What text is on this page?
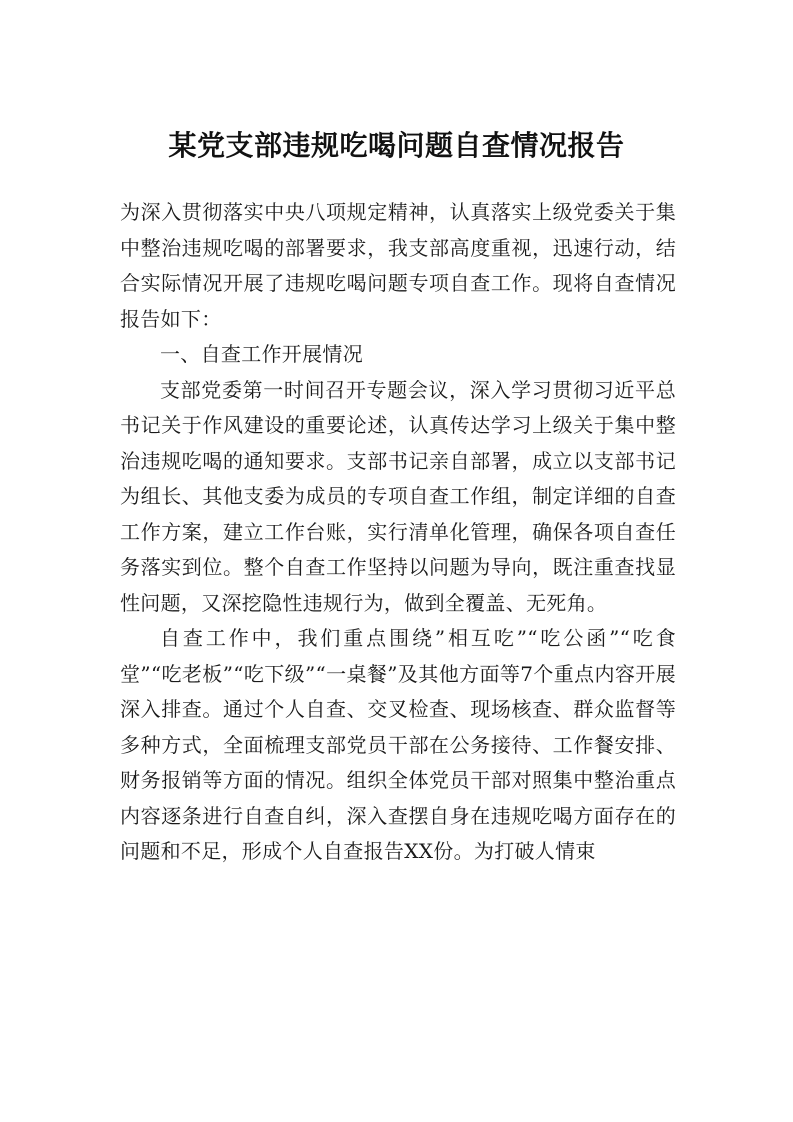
某党支部违规吃喝问题自查情况报告

为深入贯彻落实中央八项规定精神，认真落实上级党委关于集中整治违规吃喝的部署要求，我支部高度重视，迅速行动，结合实际情况开展了违规吃喝问题专项自查工作。现将自查情况报告如下：

一、自查工作开展情况

支部党委第一时间召开专题会议，深入学习贯彻习近平总书记关于作风建设的重要论述，认真传达学习上级关于集中整治违规吃喝的通知要求。支部书记亲自部署，成立以支部书记为组长、其他支委为成员的专项自查工作组，制定详细的自查工作方案，建立工作台账，实行清单化管理，确保各项自查任务落实到位。整个自查工作坚持以问题为导向，既注重查找显性问题，又深挖隐性违规行为，做到全覆盖、无死角。

自查工作中，我们重点围绕”相互吃”“吃公函”“吃食堂”“吃老板”“吃下级”“一桌餐”及其他方面等7个重点内容开展深入排查。通过个人自查、交叉检查、现场核查、群众监督等多种方式，全面梳理支部党员干部在公务接待、工作餐安排、财务报销等方面的情况。组织全体党员干部对照集中整治重点内容逐条进行自查自纠，深入查摆自身在违规吃喝方面存在的问题和不足，形成个人自查报告XX份。为打破人情束
